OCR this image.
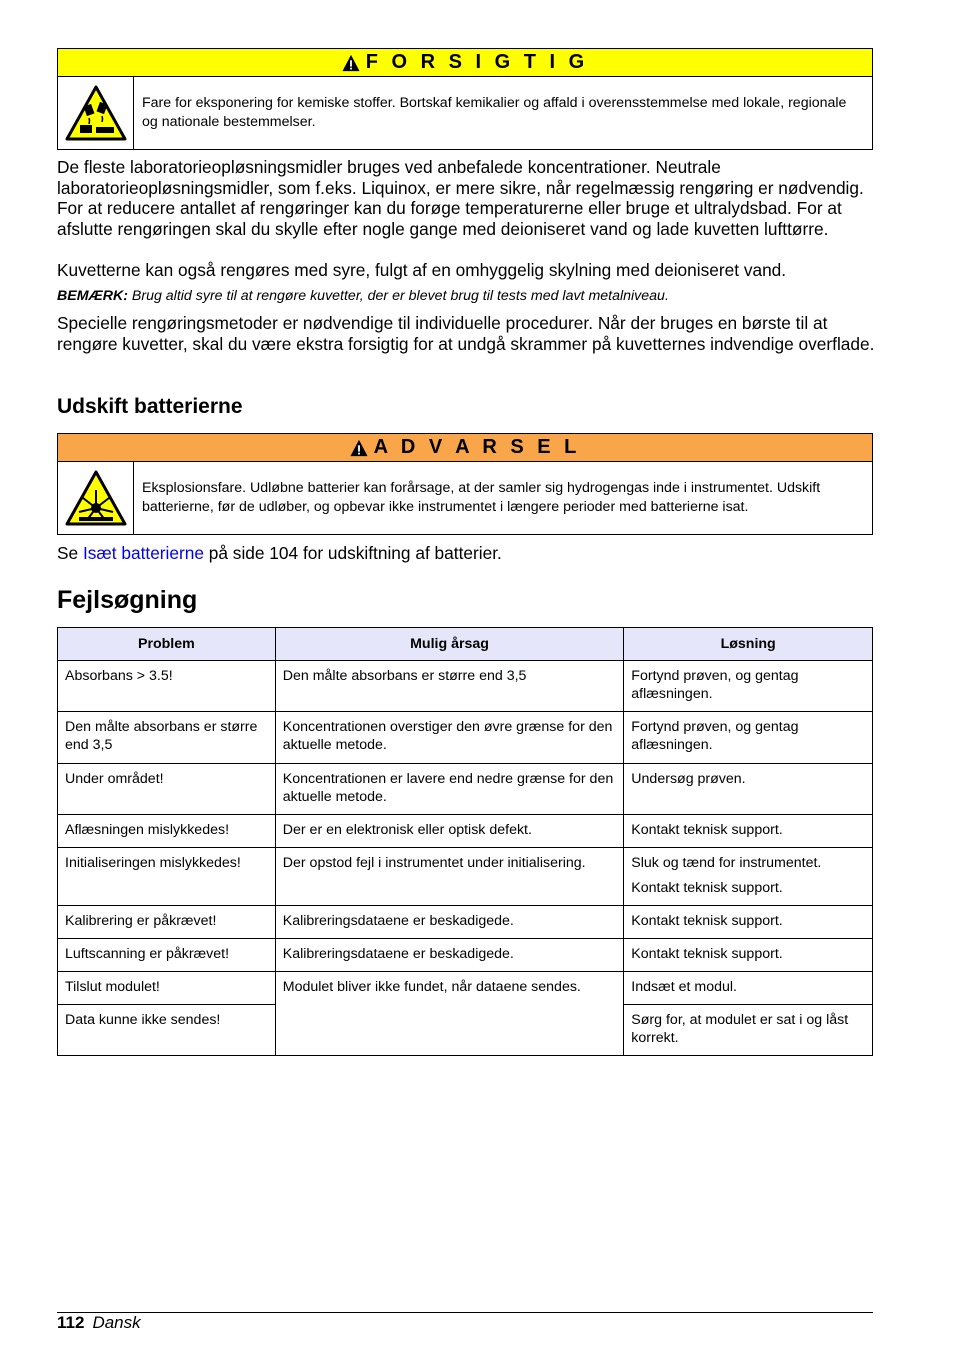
F O R S I G T I G
Fare for eksponering for kemiske stoffer. Bortskaf kemikalier og affald i overensstemmelse med lokale, regionale og nationale bestemmelser.
De fleste laboratorieopløsningsmidler bruges ved anbefalede koncentrationer. Neutrale laboratorieopløsningsmidler, som f.eks. Liquinox, er mere sikre, når regelmæssig rengøring er nødvendig. For at reducere antallet af rengøringer kan du forøge temperaturerne eller bruge et ultralydsbad. For at afslutte rengøringen skal du skylle efter nogle gange med deioniseret vand og lade kuvetten lufttørre.
Kuvetterne kan også rengøres med syre, fulgt af en omhyggelig skylning med deioniseret vand.
BEMÆRK: Brug altid syre til at rengøre kuvetter, der er blevet brug til tests med lavt metalniveau.
Specielle rengøringsmetoder er nødvendige til individuelle procedurer. Når der bruges en børste til at rengøre kuvetter, skal du være ekstra forsigtig for at undgå skrammer på kuvetternes indvendige overflade.
Udskift batterierne
A D V A R S E L
Eksplosionsfare. Udløbne batterier kan forårsage, at der samler sig hydrogengas inde i instrumentet. Udskift batterierne, før de udløber, og opbevar ikke instrumentet i længere perioder med batterierne isat.
Se Isæt batterierne på side 104 for udskiftning af batterier.
Fejlsøgning
Problem	Mulig årsag	Løsning
Absorbans > 3.5!	Den målte absorbans er større end 3,5	Fortynd prøven, og gentag aflæsningen.
Den målte absorbans er større end 3,5	Koncentrationen overstiger den øvre grænse for den aktuelle metode.	Fortynd prøven, og gentag aflæsningen.
Under området!	Koncentrationen er lavere end nedre grænse for den aktuelle metode.	Undersøg prøven.
Aflæsningen mislykkedes!	Der er en elektronisk eller optisk defekt.	Kontakt teknisk support.
Initialiseringen mislykkedes!	Der opstod fejl i instrumentet under initialisering.	Sluk og tænd for instrumentet.

Kontakt teknisk support.

Kalibrering er påkrævet!	Kalibreringsdataene er beskadigede.	Kontakt teknisk support.
Luftscanning er påkrævet!	Kalibreringsdataene er beskadigede.	Kontakt teknisk support.
Tilslut modulet!	Modulet bliver ikke fundet, når dataene sendes.	Indsæt et modul.
Data kunne ikke sendes!		Sørg for, at modulet er sat i og låst korrekt.
112 Dansk
